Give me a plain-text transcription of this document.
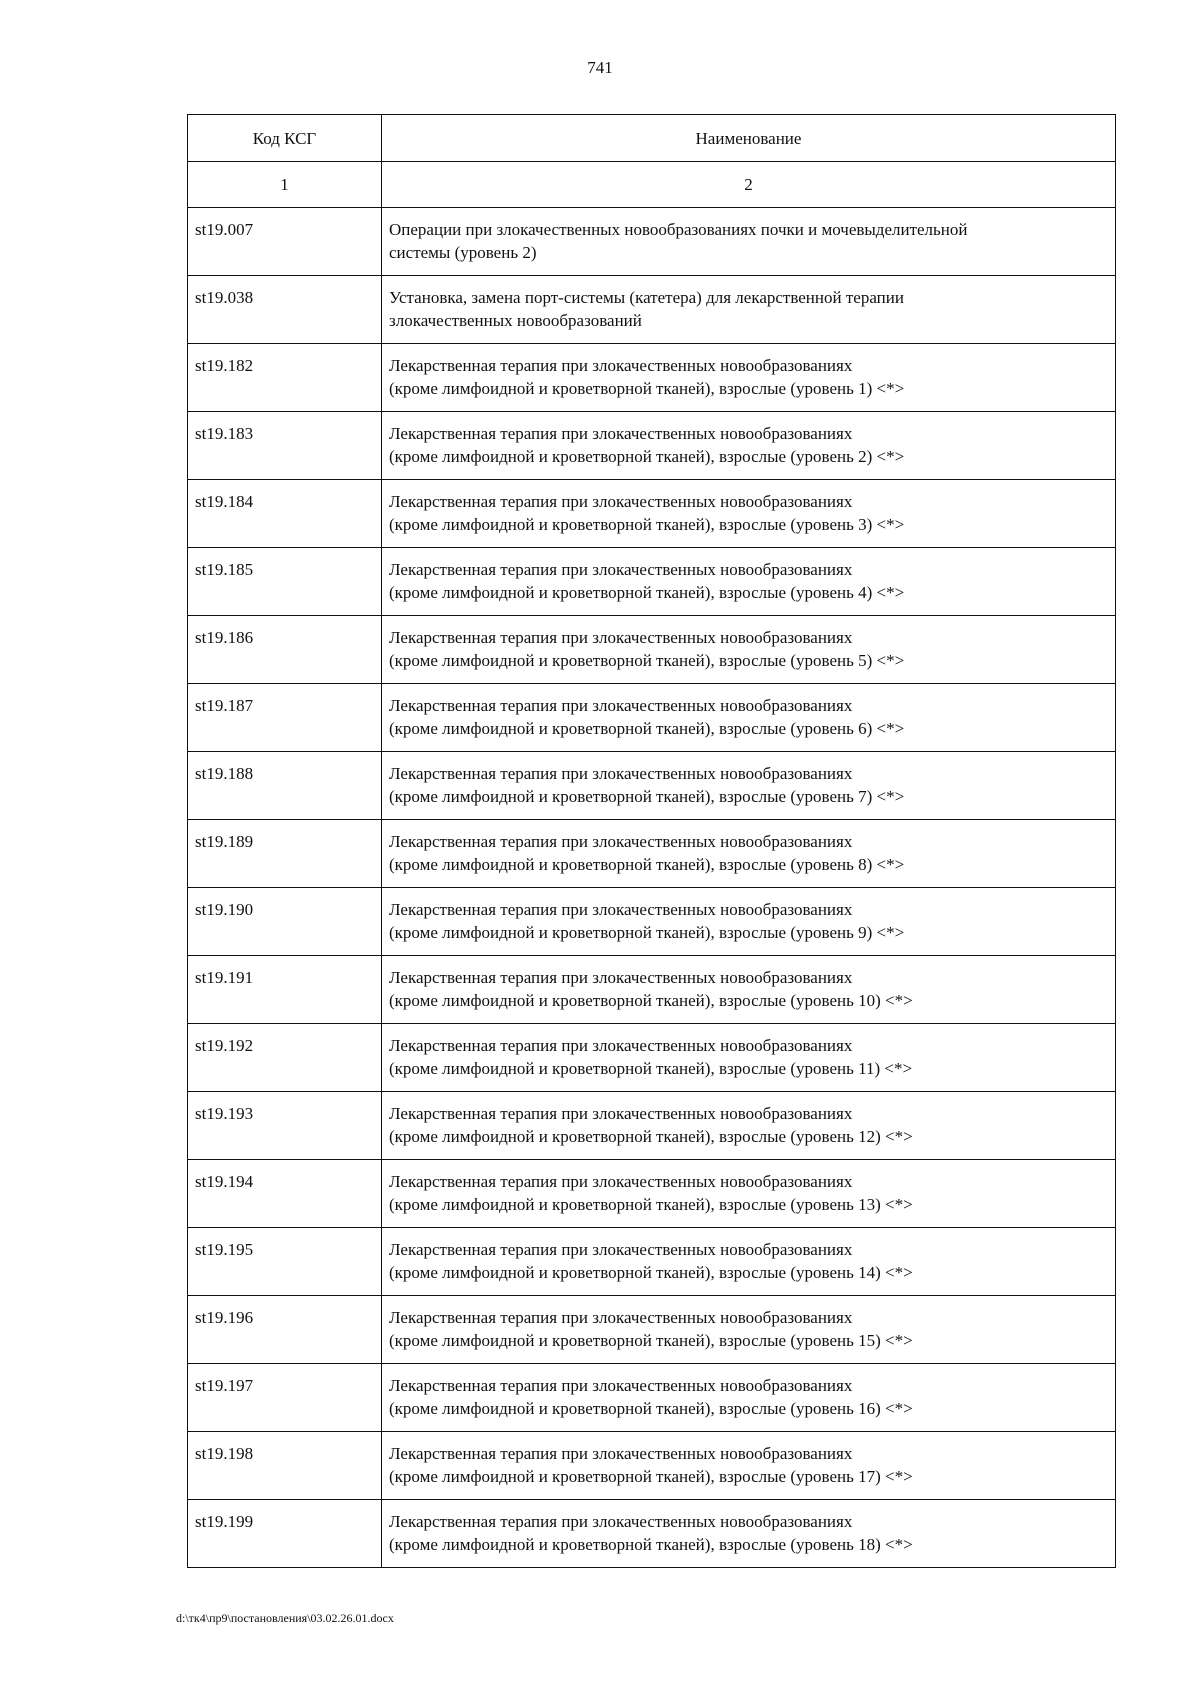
741
Код КСГ	Наименование
1	2
st19.007	Операции при злокачественных новообразованиях почки и мочевыделительной
системы (уровень 2)

st19.038	Установка, замена порт-системы (катетера) для лекарственной терапии
злокачественных новообразований

st19.182	Лекарственная терапия при злокачественных новообразованиях
(кроме лимфоидной и кроветворной тканей), взрослые (уровень 1) <*>

st19.183	Лекарственная терапия при злокачественных новообразованиях
(кроме лимфоидной и кроветворной тканей), взрослые (уровень 2) <*>

st19.184	Лекарственная терапия при злокачественных новообразованиях
(кроме лимфоидной и кроветворной тканей), взрослые (уровень 3) <*>

st19.185	Лекарственная терапия при злокачественных новообразованиях
(кроме лимфоидной и кроветворной тканей), взрослые (уровень 4) <*>

st19.186	Лекарственная терапия при злокачественных новообразованиях
(кроме лимфоидной и кроветворной тканей), взрослые (уровень 5) <*>

st19.187	Лекарственная терапия при злокачественных новообразованиях
(кроме лимфоидной и кроветворной тканей), взрослые (уровень 6) <*>

st19.188	Лекарственная терапия при злокачественных новообразованиях
(кроме лимфоидной и кроветворной тканей), взрослые (уровень 7) <*>

st19.189	Лекарственная терапия при злокачественных новообразованиях
(кроме лимфоидной и кроветворной тканей), взрослые (уровень 8) <*>

st19.190	Лекарственная терапия при злокачественных новообразованиях
(кроме лимфоидной и кроветворной тканей), взрослые (уровень 9) <*>

st19.191	Лекарственная терапия при злокачественных новообразованиях
(кроме лимфоидной и кроветворной тканей), взрослые (уровень 10) <*>

st19.192	Лекарственная терапия при злокачественных новообразованиях
(кроме лимфоидной и кроветворной тканей), взрослые (уровень 11) <*>

st19.193	Лекарственная терапия при злокачественных новообразованиях
(кроме лимфоидной и кроветворной тканей), взрослые (уровень 12) <*>

st19.194	Лекарственная терапия при злокачественных новообразованиях
(кроме лимфоидной и кроветворной тканей), взрослые (уровень 13) <*>

st19.195	Лекарственная терапия при злокачественных новообразованиях
(кроме лимфоидной и кроветворной тканей), взрослые (уровень 14) <*>

st19.196	Лекарственная терапия при злокачественных новообразованиях
(кроме лимфоидной и кроветворной тканей), взрослые (уровень 15) <*>

st19.197	Лекарственная терапия при злокачественных новообразованиях
(кроме лимфоидной и кроветворной тканей), взрослые (уровень 16) <*>

st19.198	Лекарственная терапия при злокачественных новообразованиях
(кроме лимфоидной и кроветворной тканей), взрослые (уровень 17) <*>

st19.199	Лекарственная терапия при злокачественных новообразованиях
(кроме лимфоидной и кроветворной тканей), взрослые (уровень 18) <*>
d:\тк4\пр9\постановления\03.02.26.01.docx
